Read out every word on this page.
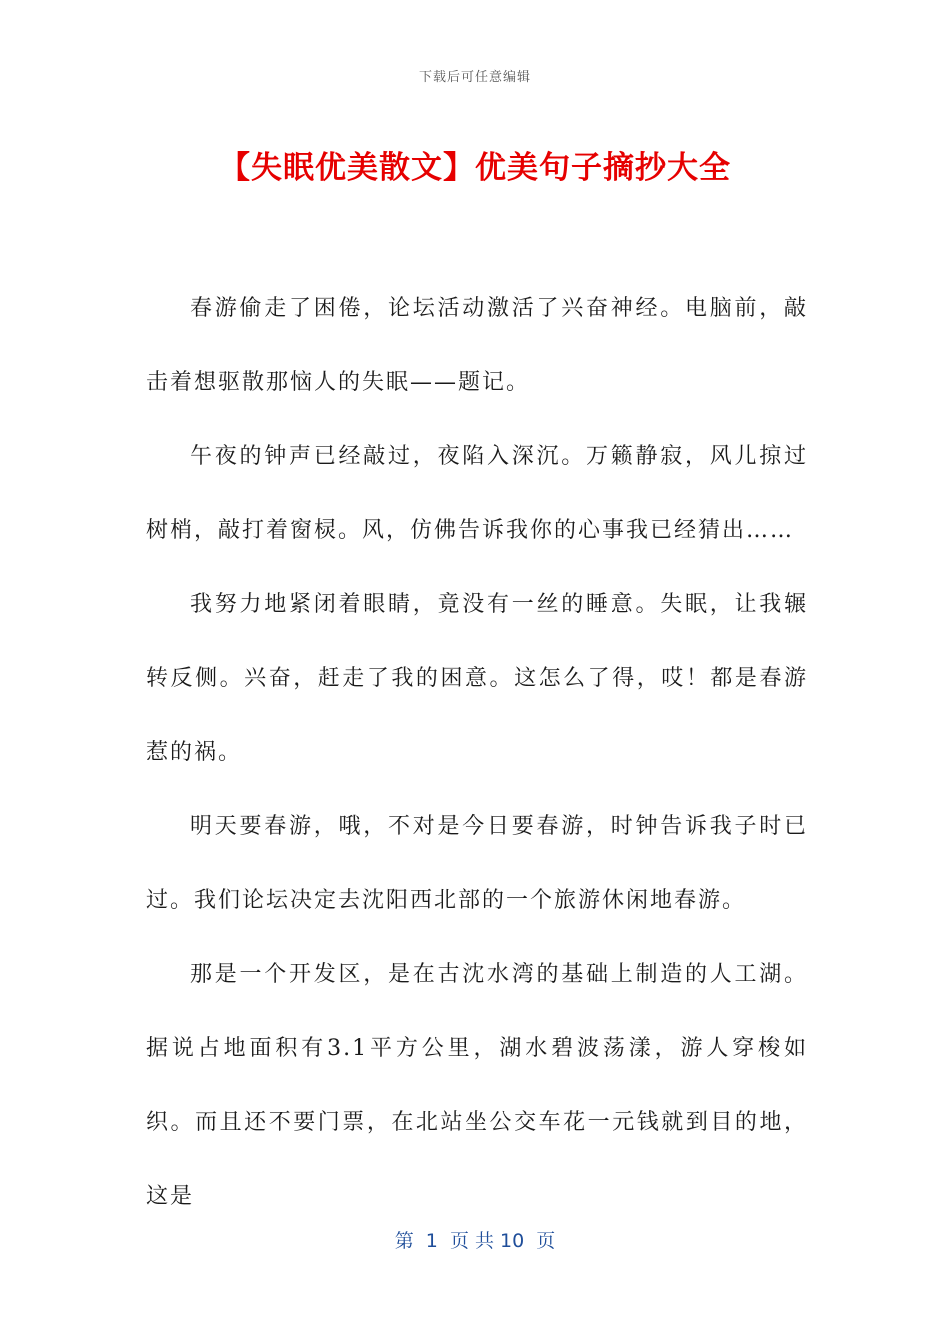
下载后可任意编辑
【失眠优美散文】优美句子摘抄大全

春游偷走了困倦，论坛活动激活了兴奋神经。电脑前，敲击着想驱散那恼人的失眠——题记。

午夜的钟声已经敲过，夜陷入深沉。万籁静寂，风儿掠过树梢，敲打着窗棂。风，仿佛告诉我你的心事我已经猜出……

我努力地紧闭着眼睛，竟没有一丝的睡意。失眠，让我辗转反侧。兴奋，赶走了我的困意。这怎么了得，哎！都是春游惹的祸。

明天要春游，哦，不对是今日要春游，时钟告诉我子时已过。我们论坛决定去沈阳西北部的一个旅游休闲地春游。

那是一个开发区，是在古沈水湾的基础上制造的人工湖。据说占地面积有3.1平方公里，湖水碧波荡漾，游人穿梭如织。而且还不要门票，在北站坐公交车花一元钱就到目的地，这是

第  1  页 共 10  页
